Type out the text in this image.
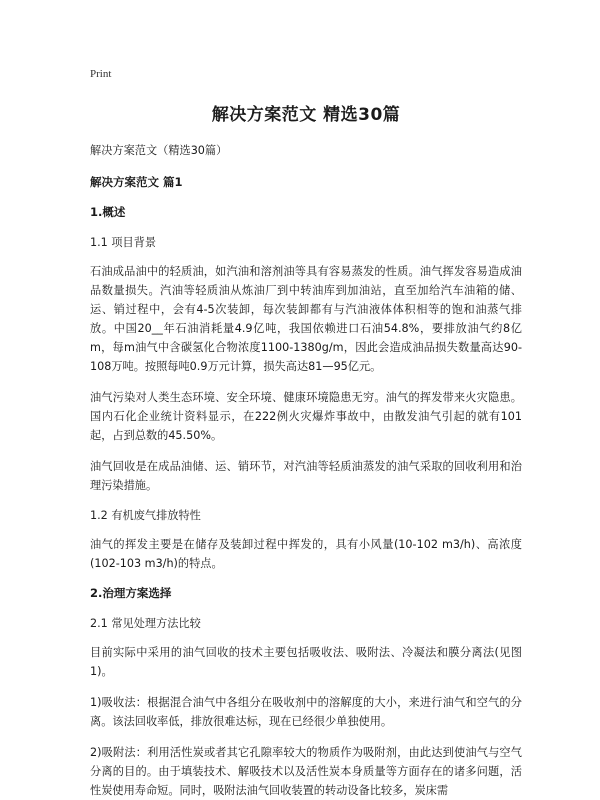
Print
解决方案范文 精选30篇
解决方案范文（精选30篇）
解决方案范文 篇1
1.概述
1.1 项目背景
石油成品油中的轻质油，如汽油和溶剂油等具有容易蒸发的性质。油气挥发容易造成油品数量损失。汽油等轻质油从炼油厂到中转油库到加油站，直至加给汽车油箱的储、运、销过程中，会有4-5次装卸，每次装卸都有与汽油液体体积相等的饱和油蒸气排放。中国20__年石油消耗量4.9亿吨，我国依赖进口石油54.8%，要排放油气约8亿m，每m油气中含碳氢化合物浓度1100-1380g/m，因此会造成油品损失数量高达90-108万吨。按照每吨0.9万元计算，损失高达81—95亿元。
油气污染对人类生态环境、安全环境、健康环境隐患无穷。油气的挥发带来火灾隐患。国内石化企业统计资料显示，在222例火灾爆炸事故中，由散发油气引起的就有101起，占到总数的45.50%。
油气回收是在成品油储、运、销环节，对汽油等轻质油蒸发的油气采取的回收利用和治理污染措施。
1.2 有机废气排放特性
油气的挥发主要是在储存及装卸过程中挥发的，具有小风量(10-102 m3/h)、高浓度(102-103 m3/h)的特点。
2.治理方案选择
2.1 常见处理方法比较
目前实际中采用的油气回收的技术主要包括吸收法、吸附法、冷凝法和膜分离法(见图1)。
1)吸收法：根据混合油气中各组分在吸收剂中的溶解度的大小，来进行油气和空气的分离。该法回收率低，排放很难达标，现在已经很少单独使用。
2)吸附法：利用活性炭或者其它孔隙率较大的物质作为吸附剂，由此达到使油气与空气分离的目的。由于填装技术、解吸技术以及活性炭本身质量等方面存在的诸多问题，活性炭使用寿命短。同时，吸附法油气回收装置的转动设备比较多，炭床需
